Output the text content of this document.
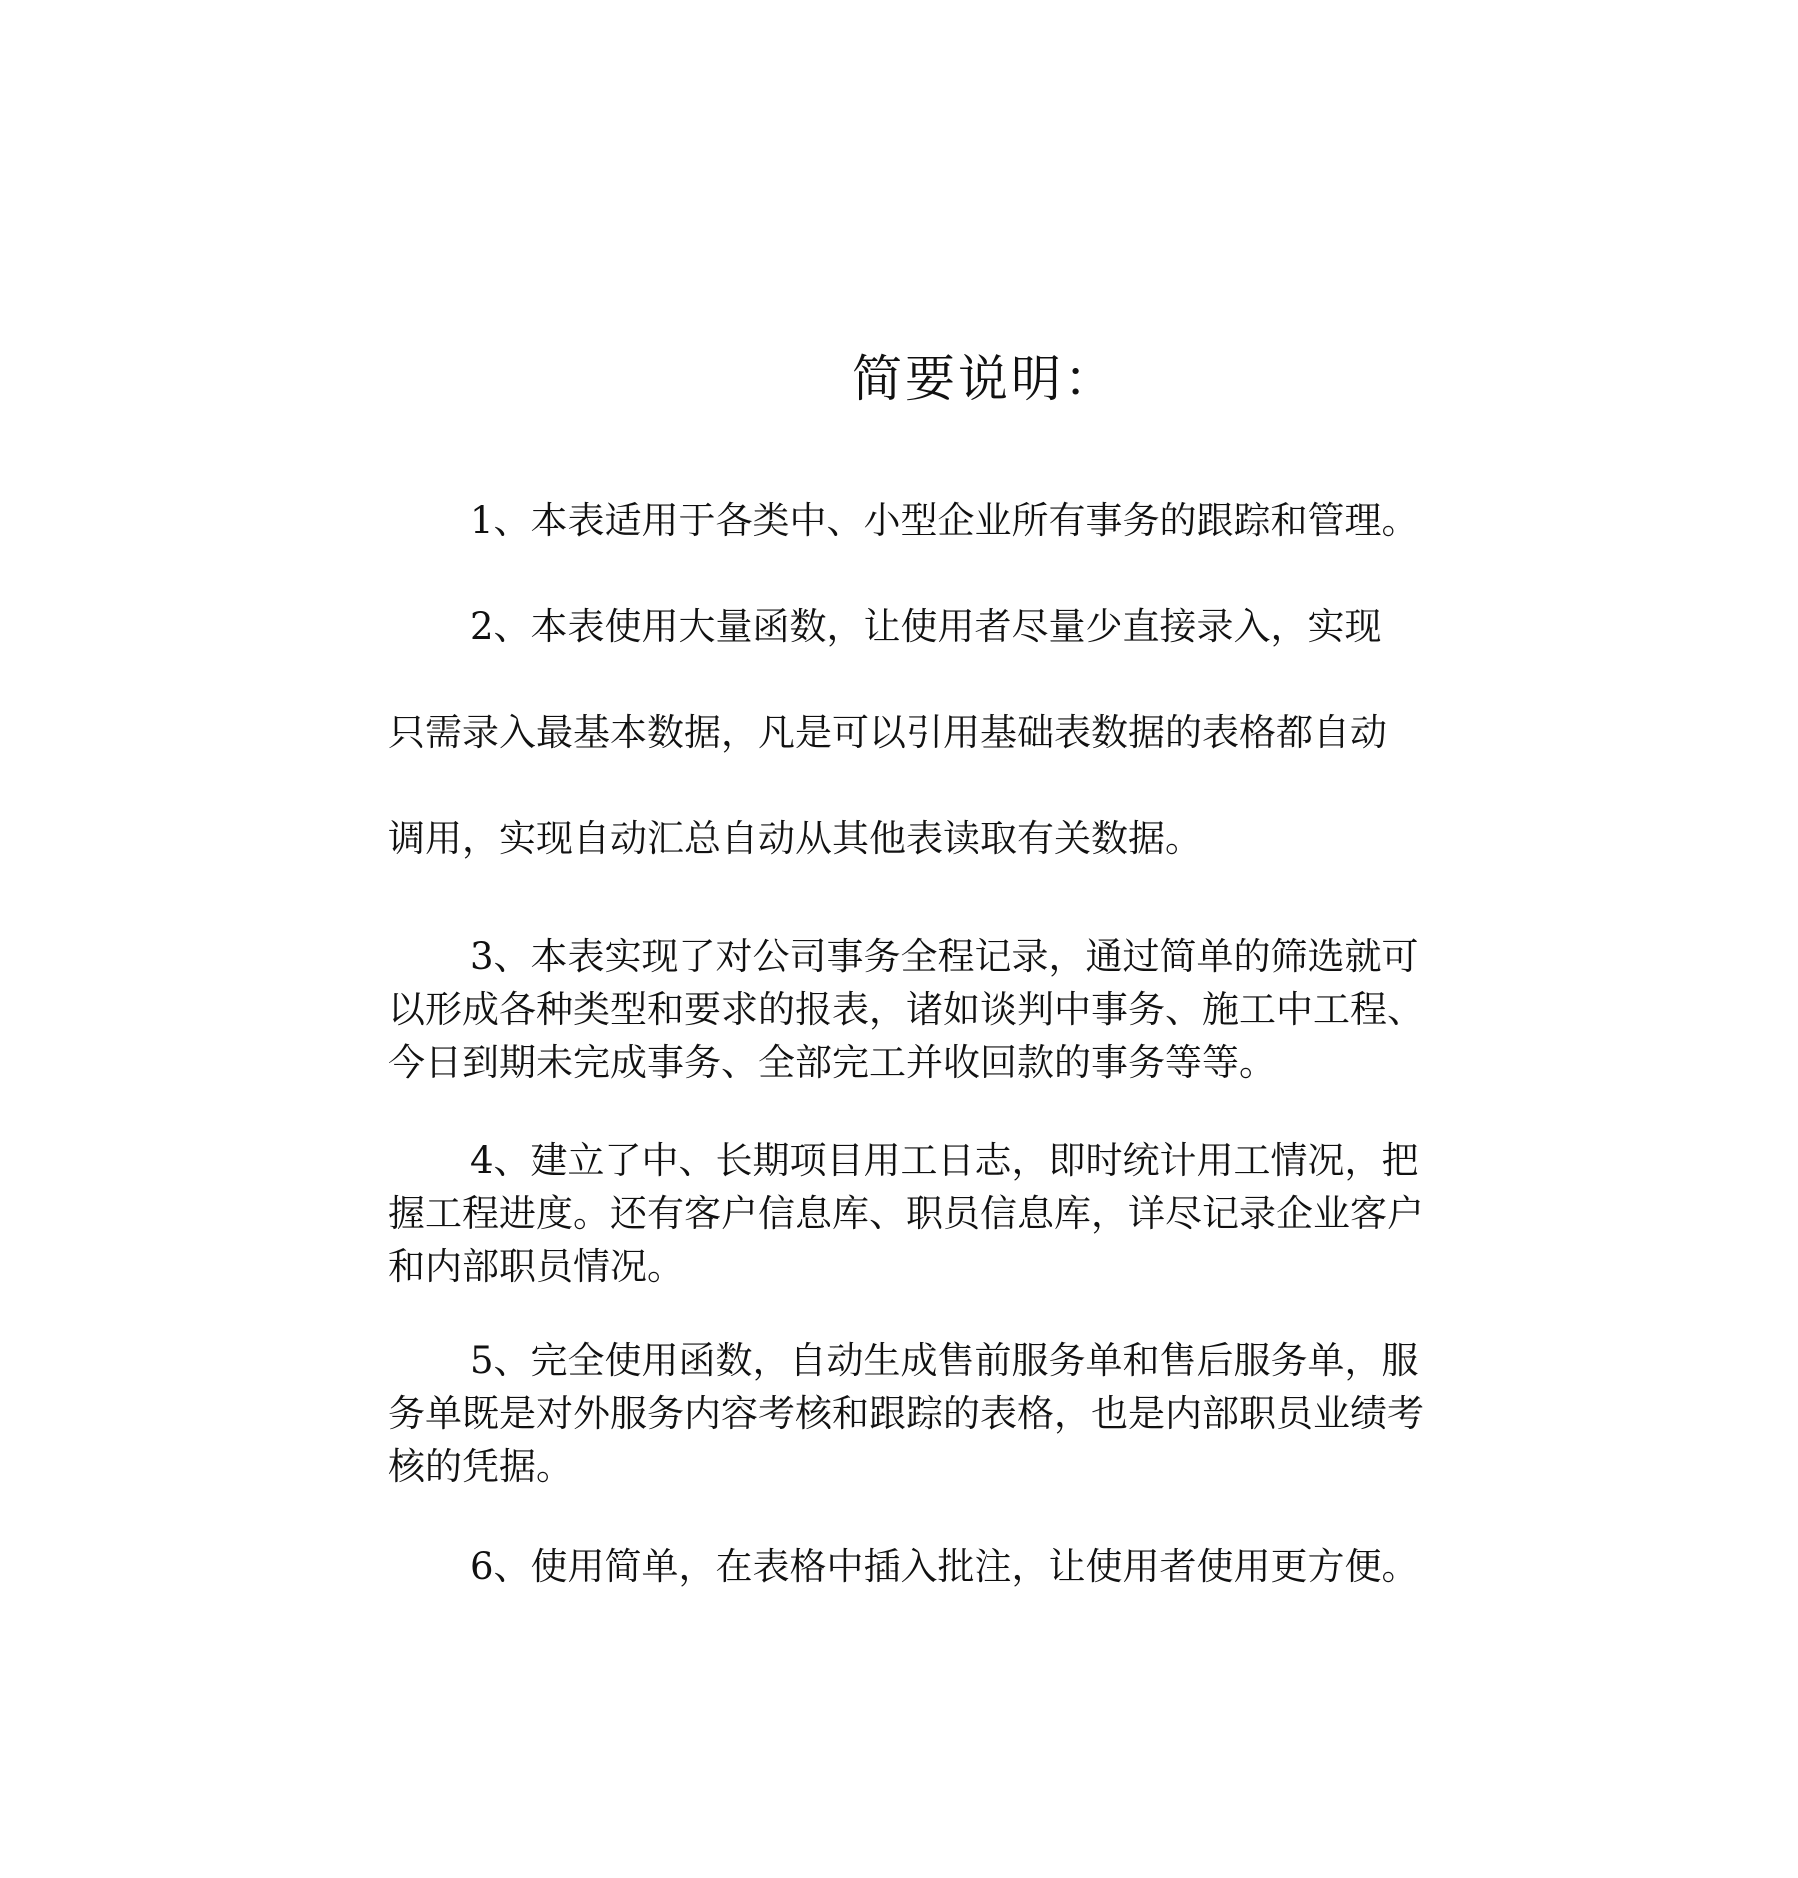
简要说明：
1、本表适用于各类中、小型企业所有事务的跟踪和管理。
2、本表使用大量函数，让使用者尽量少直接录入，实现
只需录入最基本数据，凡是可以引用基础表数据的表格都自动
调用，实现自动汇总自动从其他表读取有关数据。
3、本表实现了对公司事务全程记录，通过简单的筛选就可
以形成各种类型和要求的报表，诸如谈判中事务、施工中工程、
今日到期未完成事务、全部完工并收回款的事务等等。
4、建立了中、长期项目用工日志，即时统计用工情况，把
握工程进度。还有客户信息库、职员信息库，详尽记录企业客户
和内部职员情况。
5、完全使用函数，自动生成售前服务单和售后服务单，服
务单既是对外服务内容考核和跟踪的表格，也是内部职员业绩考
核的凭据。
6、使用简单，在表格中插入批注，让使用者使用更方便。
